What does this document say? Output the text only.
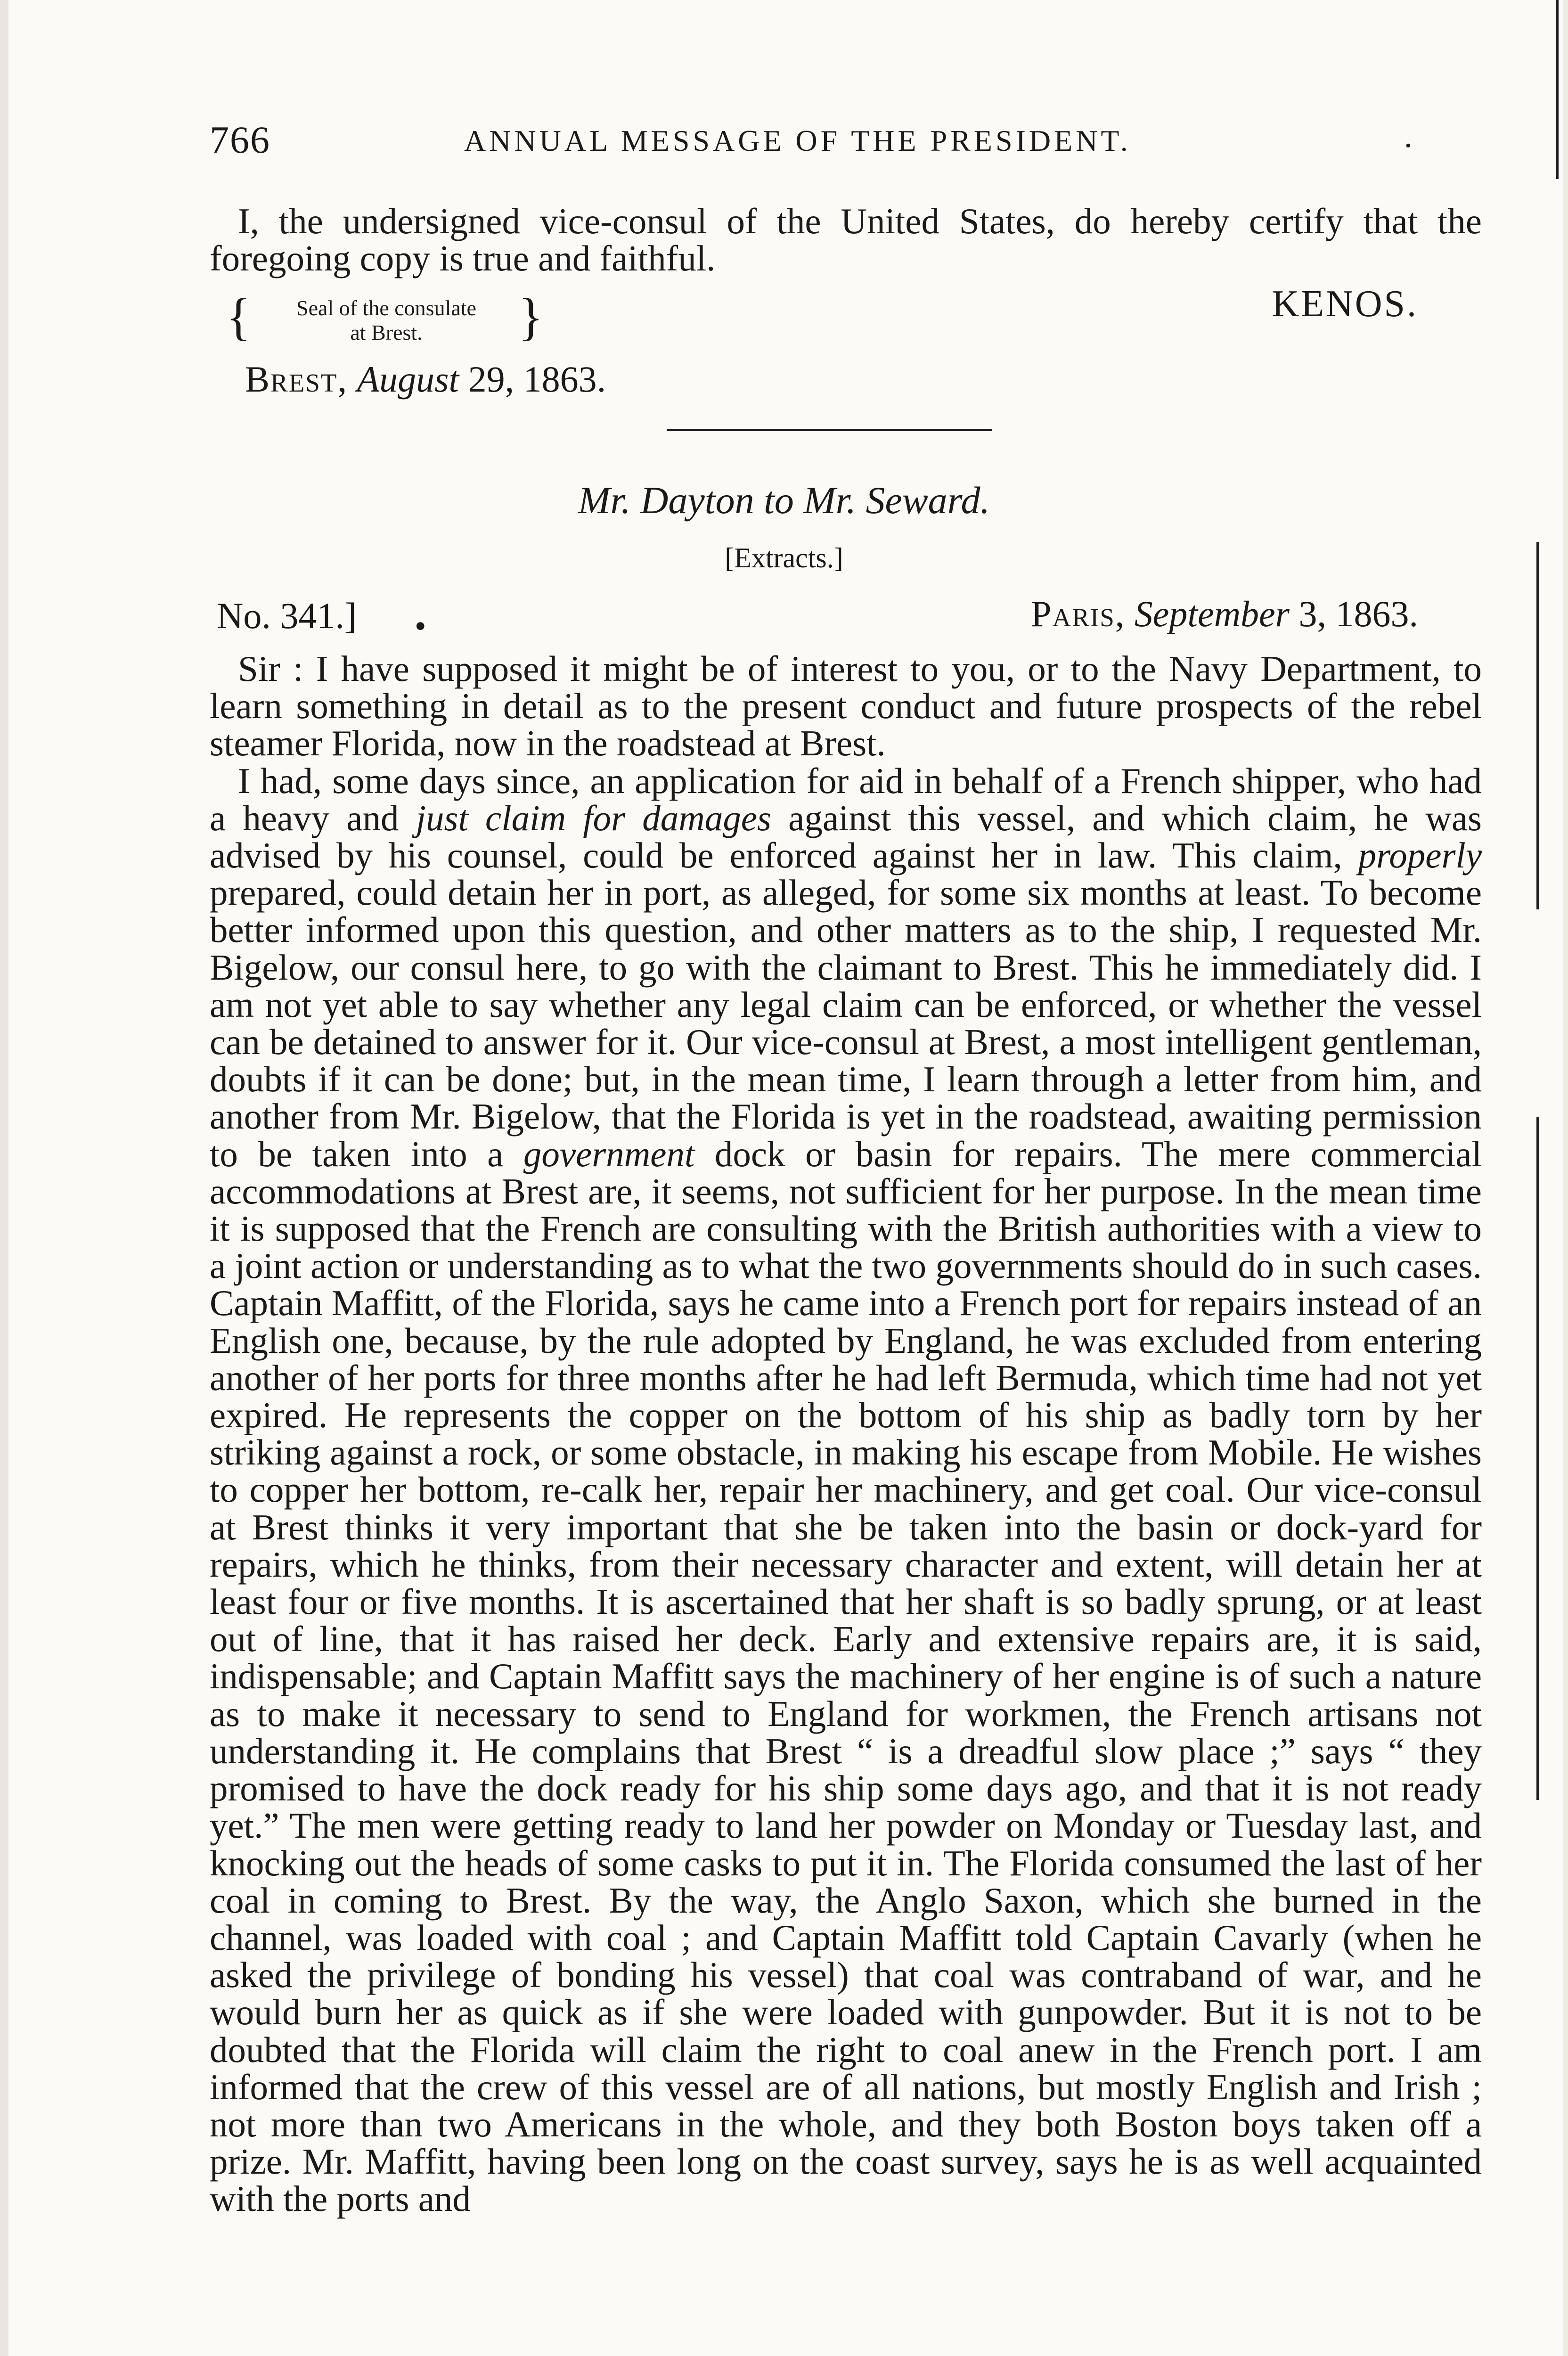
766	ANNUAL MESSAGE OF THE PRESIDENT.	.

I, the undersigned vice-consul of the United States, do hereby certify that the foregoing copy is true and faithful.

{	Seal of the consulate
at Brest.	}	KENOS.
Brest, August 29, 1863.
Mr. Dayton to Mr. Seward.
[Extracts.]
No. 341.] •	Paris, September 3, 1863.

Sir : I have supposed it might be of interest to you, or to the Navy Department, to learn something in detail as to the present conduct and future prospects of the rebel steamer Florida, now in the roadstead at Brest.

I had, some days since, an application for aid in behalf of a French shipper, who had a heavy and just claim for damages against this vessel, and which claim, he was advised by his counsel, could be enforced against her in law. This claim, properly prepared, could detain her in port, as alleged, for some six months at least. To become better informed upon this question, and other matters as to the ship, I requested Mr. Bigelow, our consul here, to go with the claimant to Brest. This he immediately did. I am not yet able to say whether any legal claim can be enforced, or whether the vessel can be detained to answer for it. Our vice-consul at Brest, a most intelligent gentleman, doubts if it can be done; but, in the mean time, I learn through a letter from him, and another from Mr. Bigelow, that the Florida is yet in the roadstead, awaiting permission to be taken into a government dock or basin for repairs. The mere commercial accommodations at Brest are, it seems, not sufficient for her purpose. In the mean time it is supposed that the French are consulting with the British authorities with a view to a joint action or understanding as to what the two governments should do in such cases. Captain Maffitt, of the Florida, says he came into a French port for repairs instead of an English one, because, by the rule adopted by England, he was excluded from entering another of her ports for three months after he had left Bermuda, which time had not yet expired. He represents the copper on the bottom of his ship as badly torn by her striking against a rock, or some obstacle, in making his escape from Mobile. He wishes to copper her bottom, re-calk her, repair her machinery, and get coal. Our vice-consul at Brest thinks it very important that she be taken into the basin or dock-yard for repairs, which he thinks, from their necessary character and extent, will detain her at least four or five months. It is ascertained that her shaft is so badly sprung, or at least out of line, that it has raised her deck. Early and extensive repairs are, it is said, indispensable; and Captain Maffitt says the machinery of her engine is of such a nature as to make it necessary to send to England for workmen, the French artisans not understanding it. He complains that Brest “ is a dreadful slow place ;” says “ they promised to have the dock ready for his ship some days ago, and that it is not ready yet.” The men were getting ready to land her powder on Monday or Tuesday last, and knocking out the heads of some casks to put it in. The Florida consumed the last of her coal in coming to Brest. By the way, the Anglo Saxon, which she burned in the channel, was loaded with coal ; and Captain Maffitt told Captain Cavarly (when he asked the privilege of bonding his vessel) that coal was contraband of war, and he would burn her as quick as if she were loaded with gunpowder. But it is not to be doubted that the Florida will claim the right to coal anew in the French port. I am informed that the crew of this vessel are of all nations, but mostly English and Irish ; not more than two Americans in the whole, and they both Boston boys taken off a prize. Mr. Maffitt, having been long on the coast survey, says he is as well acquainted with the ports and
